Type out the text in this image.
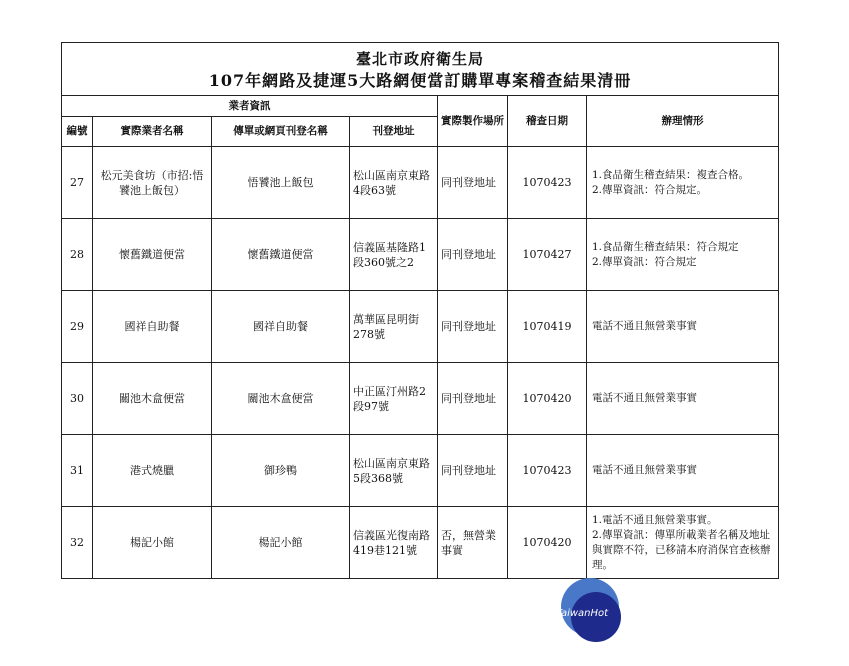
臺北市政府衛生局
107年網路及捷運5大路網便當訂購單專案稽查結果清冊						

業者資訊				實際製作場所	稽查日期	辦理情形
編號	實際業者名稱	傳單或網頁刊登名稱	刊登地址			
27	松元美食坊（市招:悟饕池上飯包）	悟饕池上飯包	松山區南京東路4段63號	同刊登地址	1070423	1.食品衛生稽查結果：複查合格。
2.傳單資訊：符合規定。

28	懷舊鐵道便當	懷舊鐵道便當	信義區基隆路1段360號之2	同刊登地址	1070427	1.食品衛生稽查結果：符合規定
2.傳單資訊：符合規定

29	國祥自助餐	國祥自助餐	萬華區昆明街278號	同刊登地址	1070419	電話不通且無營業事實

30	關池木盒便當	關池木盒便當	中正區汀州路2段97號	同刊登地址	1070420	電話不通且無營業事實

31	港式燒臘	御珍鴨	松山區南京東路5段368號	同刊登地址	1070423	電話不通且無營業事實

32	楊記小館	楊記小館	信義區光復南路419巷121號	否，無營業事實	1070420	1.電話不通且無營業事實。
2.傳單資訊：傳單所載業者名稱及地址與實際不符，已移請本府消保官查核辦理。
TaiwanHot
